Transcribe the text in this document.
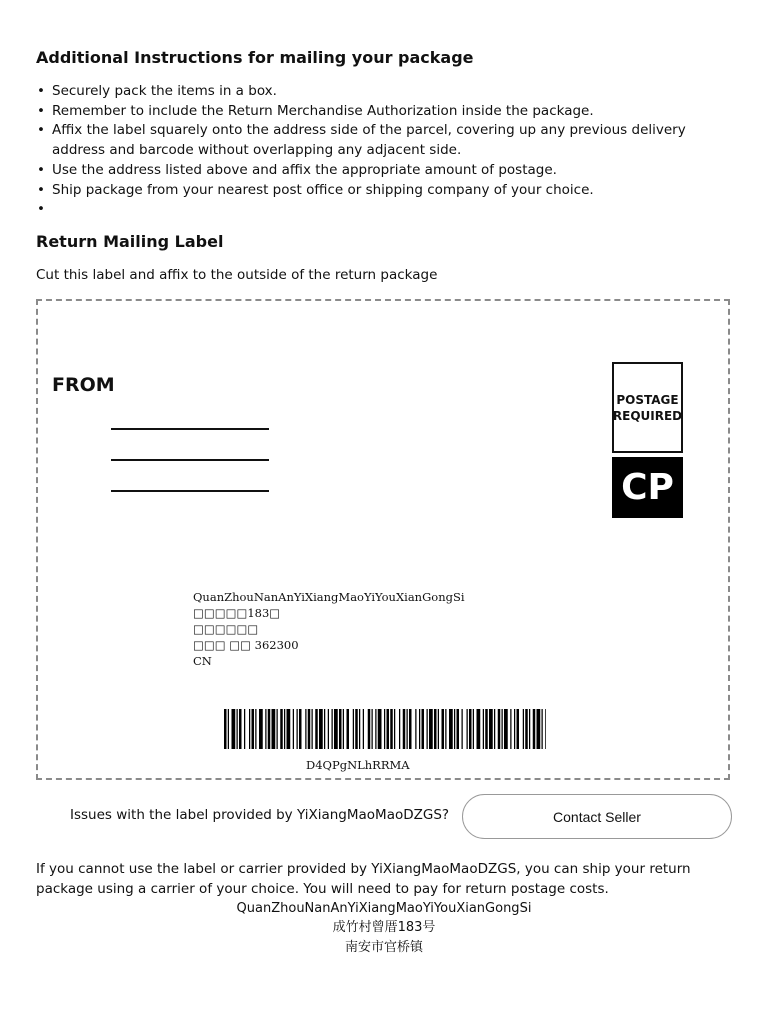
Additional Instructions for mailing your package
• Securely pack the items in a box.
• Remember to include the Return Merchandise Authorization inside the package.
• Affix the label squarely onto the address side of the parcel, covering up any previous delivery address and barcode without overlapping any adjacent side.
• Use the address listed above and affix the appropriate amount of postage.
• Ship package from your nearest post office or shipping company of your choice.
•
Return Mailing Label
Cut this label and affix to the outside of the return package
FROM
POSTAGE
REQUIRED
CP
QuanZhouNanAnYiXiangMaoYiYouXianGongSi
□□□□□183□
□□□□□□
□□□ □□ 362300
CN
D4QPgNLhRRMA
Issues with the label provided by YiXiangMaoMaoDZGS?	Contact Seller
If you cannot use the label or carrier provided by YiXiangMaoMaoDZGS, you can ship your return package using a carrier of your choice. You will need to pay for return postage costs.
QuanZhouNanAnYiXiangMaoYiYouXianGongSi
成竹村曾厝183号
南安市官桥镇
